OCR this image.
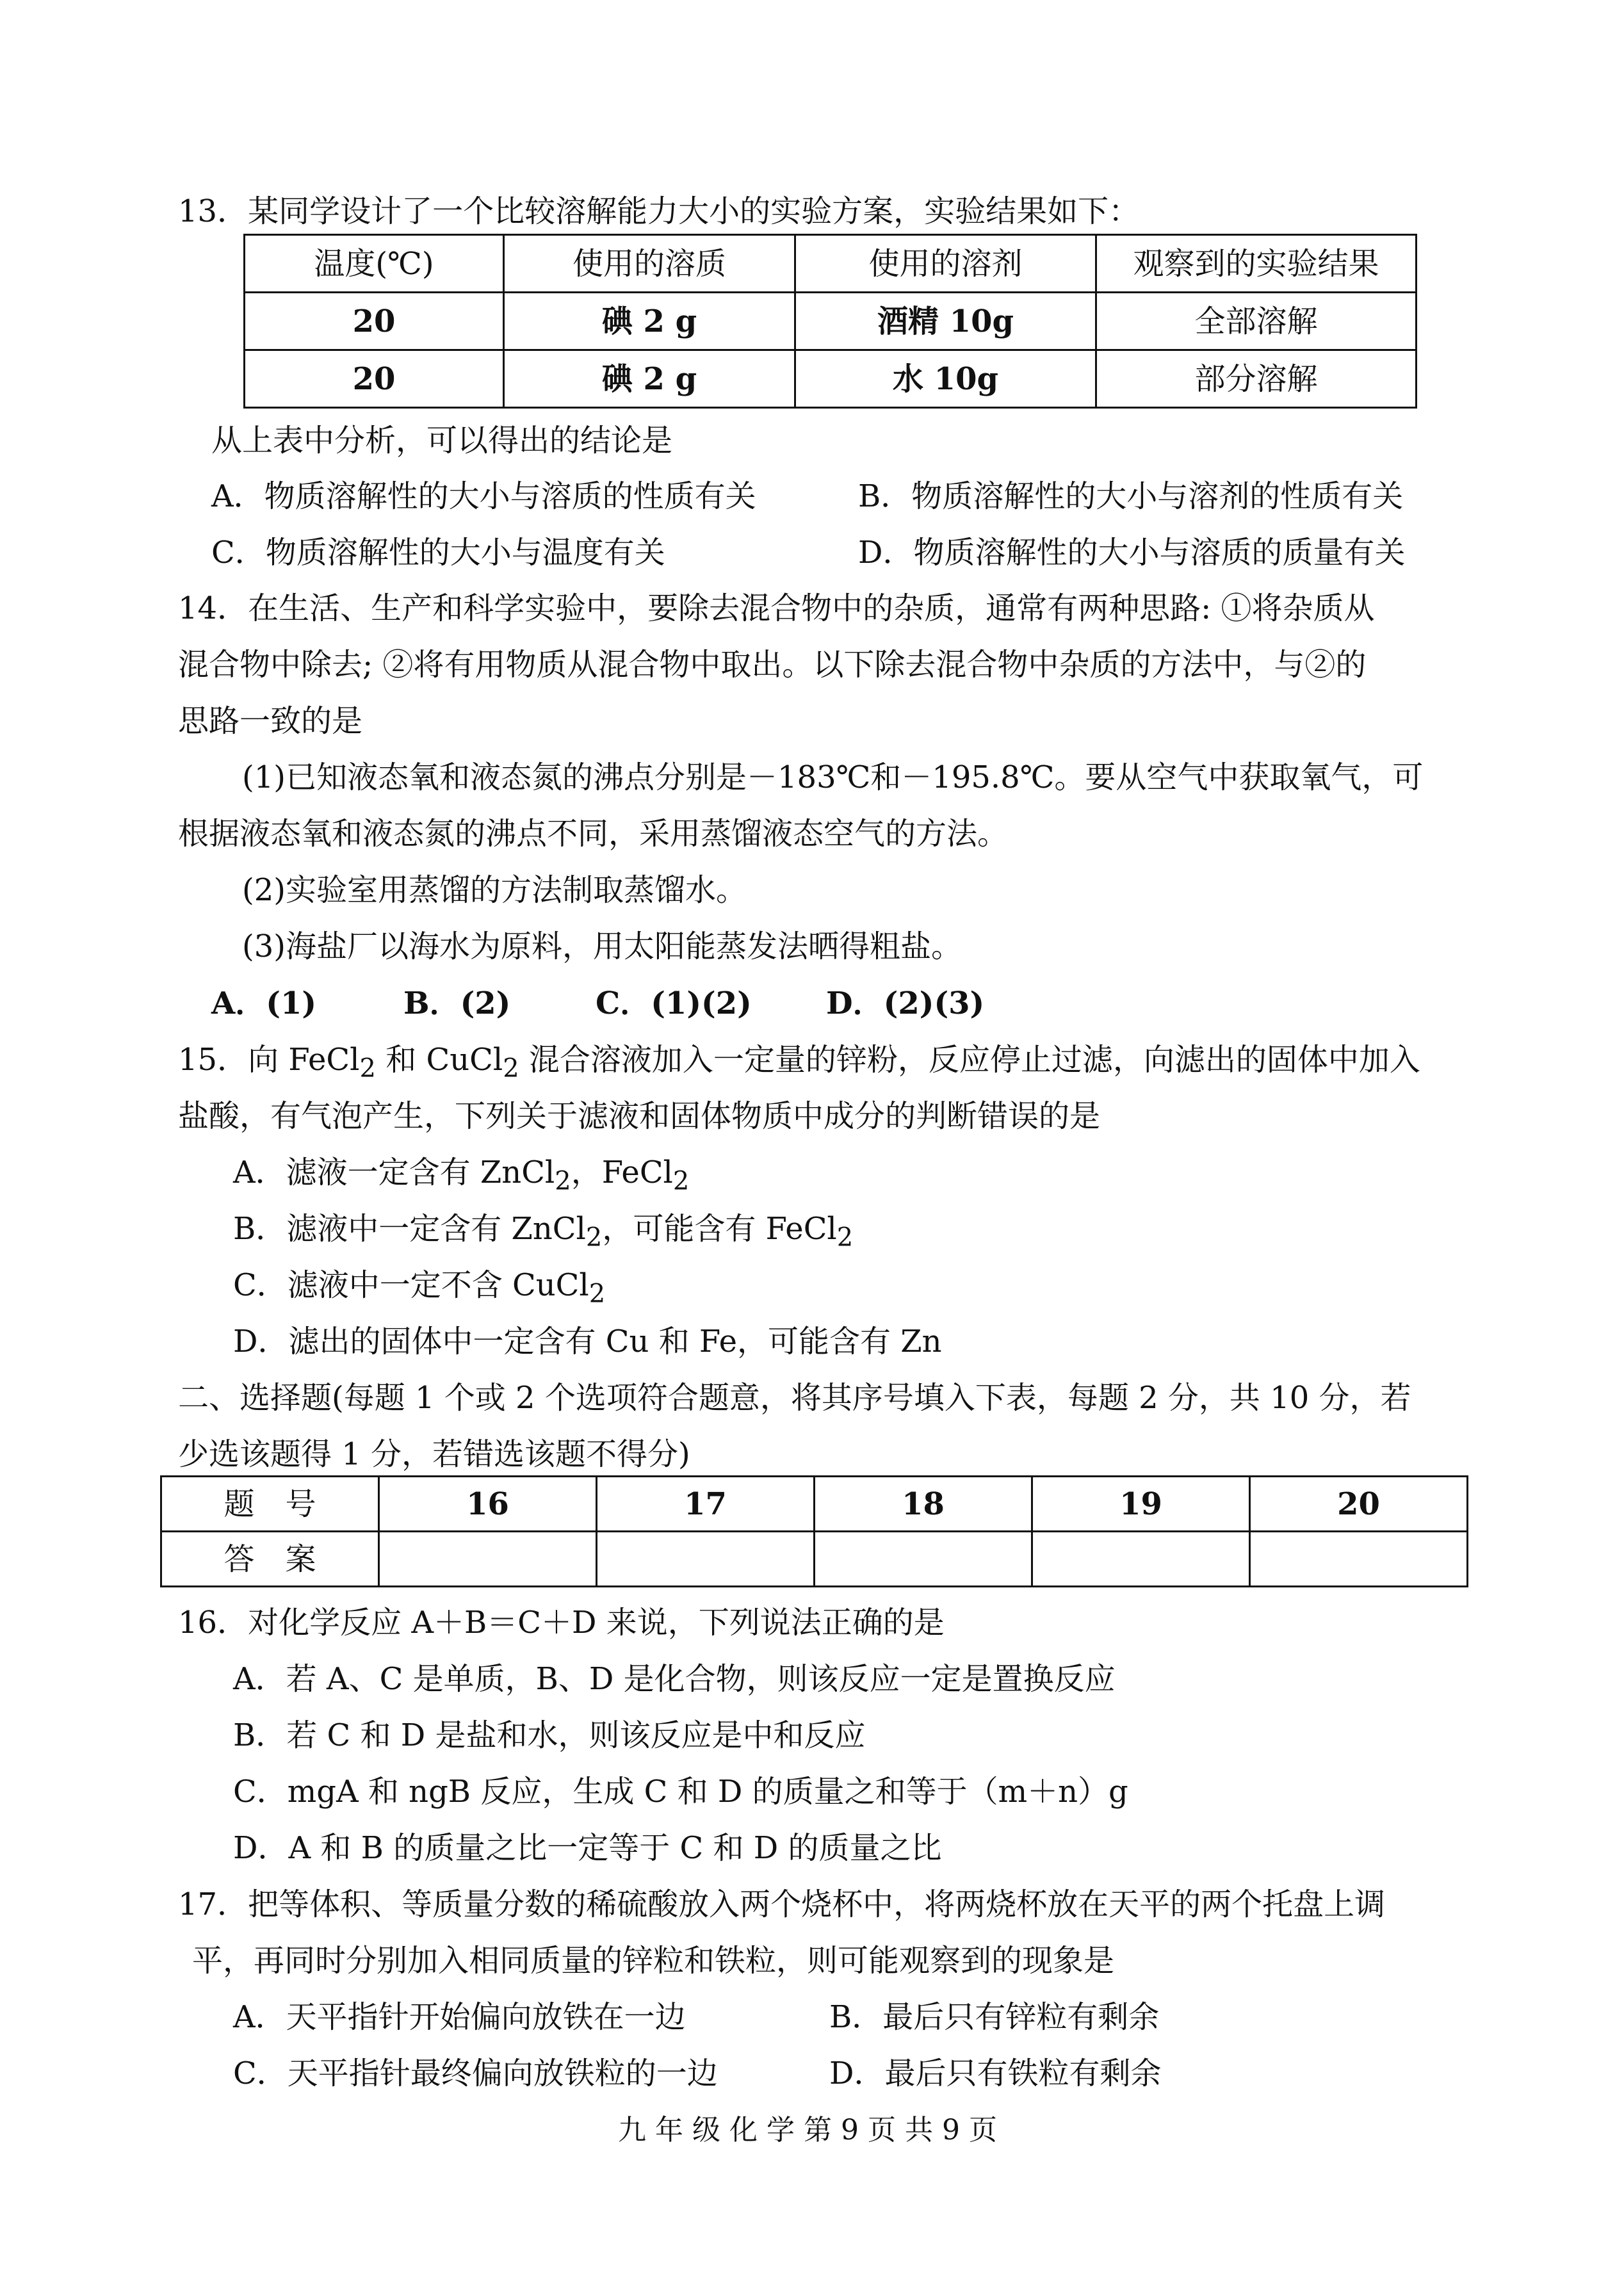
13．某同学设计了一个比较溶解能力大小的实验方案，实验结果如下：
温度(℃)	使用的溶质	使用的溶剂	观察到的实验结果
20	碘 2 g	酒精 10g	全部溶解
20	碘 2 g	水 10g	部分溶解
从上表中分析，可以得出的结论是
A．物质溶解性的大小与溶质的性质有关	B．物质溶解性的大小与溶剂的性质有关
C．物质溶解性的大小与温度有关	D．物质溶解性的大小与溶质的质量有关
14．在生活、生产和科学实验中，要除去混合物中的杂质，通常有两种思路: ①将杂质从
混合物中除去; ②将有用物质从混合物中取出。以下除去混合物中杂质的方法中，与②的
思路一致的是
(1)已知液态氧和液态氮的沸点分别是－183℃和－195.8℃。要从空气中获取氧气，可
根据液态氧和液态氮的沸点不同，采用蒸馏液态空气的方法。
(2)实验室用蒸馏的方法制取蒸馏水。
(3)海盐厂以海水为原料，用太阳能蒸发法晒得粗盐。
A．(1)	B．(2)	C．(1)(2) D．(2)(3)
15．向 FeCl$_2$ 和 CuCl$_2$ 混合溶液加入一定量的锌粉，反应停止过滤，向滤出的固体中加入
盐酸，有气泡产生，下列关于滤液和固体物质中成分的判断错误的是
A．滤液一定含有 ZnCl$_2$，FeCl$_2$
B．滤液中一定含有 ZnCl$_2$，可能含有 FeCl$_2$
C．滤液中一定不含 CuCl$_2$
D．滤出的固体中一定含有 Cu 和 Fe，可能含有 Zn
二、选择题(每题 1 个或 2 个选项符合题意，将其序号填入下表，每题 2 分，共 10 分，若
少选该题得 1 分，若错选该题不得分)
题　号	16	17	18	19	20
答　案					
16．对化学反应 A＋B＝C＋D 来说，下列说法正确的是
A．若 A、C 是单质，B、D 是化合物，则该反应一定是置换反应
B．若 C 和 D 是盐和水，则该反应是中和反应
C．mgA 和 ngB 反应，生成 C 和 D 的质量之和等于（m＋n）g
D．A 和 B 的质量之比一定等于 C 和 D 的质量之比
17．把等体积、等质量分数的稀硫酸放入两个烧杯中，将两烧杯放在天平的两个托盘上调
平，再同时分别加入相同质量的锌粒和铁粒，则可能观察到的现象是
A．天平指针开始偏向放铁在一边	B．最后只有锌粒有剩余
C．天平指针最终偏向放铁粒的一边	D．最后只有铁粒有剩余
九年级化学第9页共9页
